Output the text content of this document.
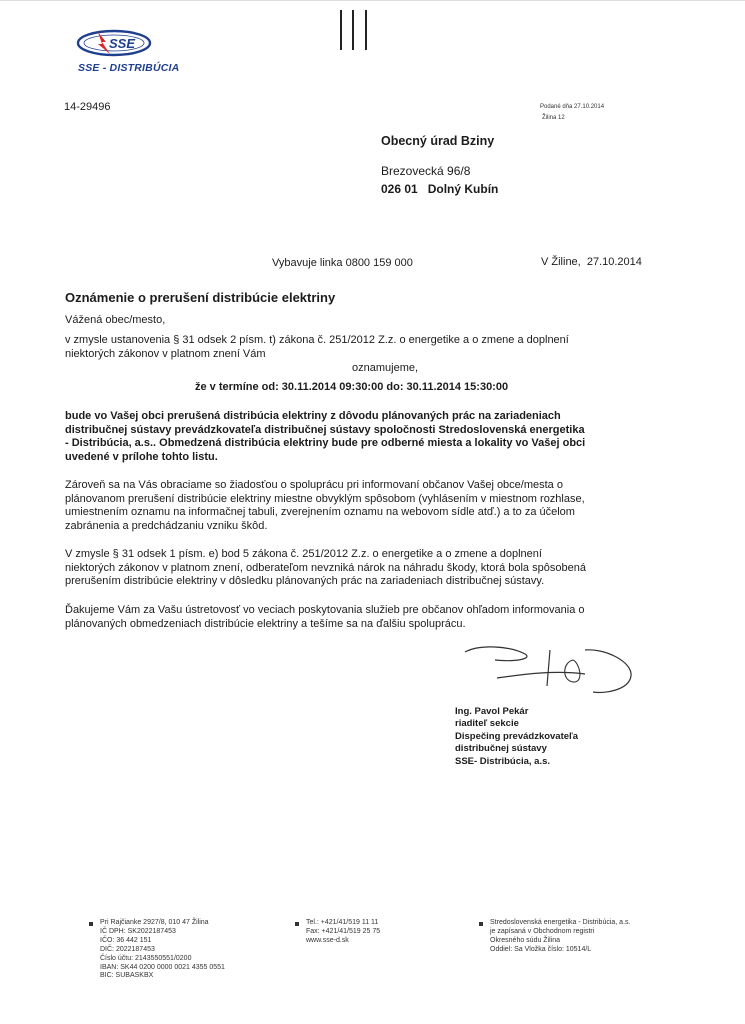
SSE
SSE - DISTRIBÚCIA
14-29496	Podané dňa 27.10.2014
Žilina 12
Obecný úrad Bziny
Brezovecká 96/8
026 01   Dolný Kubín
Vybavuje linka 0800 159 000	V Žiline,  27.10.2014
Oznámenie o prerušení distribúcie elektriny
Vážená obec/mesto,
v zmysle ustanovenia § 31 odsek 2 písm. t) zákona č. 251/2012 Z.z. o energetike a o zmene a doplnení
niektorých zákonov v platnom znení Vám
oznamujeme,
že v termíne od: 30.11.2014 09:30:00 do: 30.11.2014 15:30:00
bude vo Vašej obci prerušená distribúcia elektriny z dôvodu plánovaných prác na zariadeniach
distribučnej sústavy prevádzkovateľa distribučnej sústavy spoločnosti Stredoslovenská energetika
- Distribúcia, a.s.. Obmedzená distribúcia elektriny bude pre odberné miesta a lokality vo Vašej obci
uvedené v prílohe tohto listu.
Zároveň sa na Vás obraciame so žiadosťou o spoluprácu pri informovaní občanov Vašej obce/mesta o
plánovanom prerušení distribúcie elektriny miestne obvyklým spôsobom (vyhlásením v miestnom rozhlase,
umiestnením oznamu na informačnej tabuli, zverejnením oznamu na webovom sídle atď.) a to za účelom
zabránenia a predchádzaniu vzniku škôd.
V zmysle § 31 odsek 1 písm. e) bod 5 zákona č. 251/2012 Z.z. o energetike a o zmene a doplnení
niektorých zákonov v platnom znení, odberateľom nevzniká nárok na náhradu škody, ktorá bola spôsobená
prerušením distribúcie elektriny v dôsledku plánovaných prác na zariadeniach distribučnej sústavy.
Ďakujeme Vám za Vašu ústretovosť vo veciach poskytovania služieb pre občanov ohľadom informovania o
plánovaných obmedzeniach distribúcie elektriny a tešíme sa na ďalšiu spoluprácu.
Ing. Pavol Pekár
riaditeľ sekcie
Dispečing prevádzkovateľa
distribučnej sústavy
SSE- Distribúcia, a.s.
Pri Rajčianke 2927/8, 010 47 Žilina
IČ DPH: SK2022187453
IČO: 36 442 151
DIČ: 2022187453
Číslo účtu: 2143550551/0200
IBAN: SK44 0200 0000 0021 4355 0551
BIC: SUBASKBX
Tel.: +421/41/519 11 11
Fax: +421/41/519 25 75
www.sse-d.sk
Stredoslovenská energetika - Distribúcia, a.s.
je zapísaná v Obchodnom registri
Okresného súdu Žilina
Oddiel: Sa Vložka číslo: 10514/L
